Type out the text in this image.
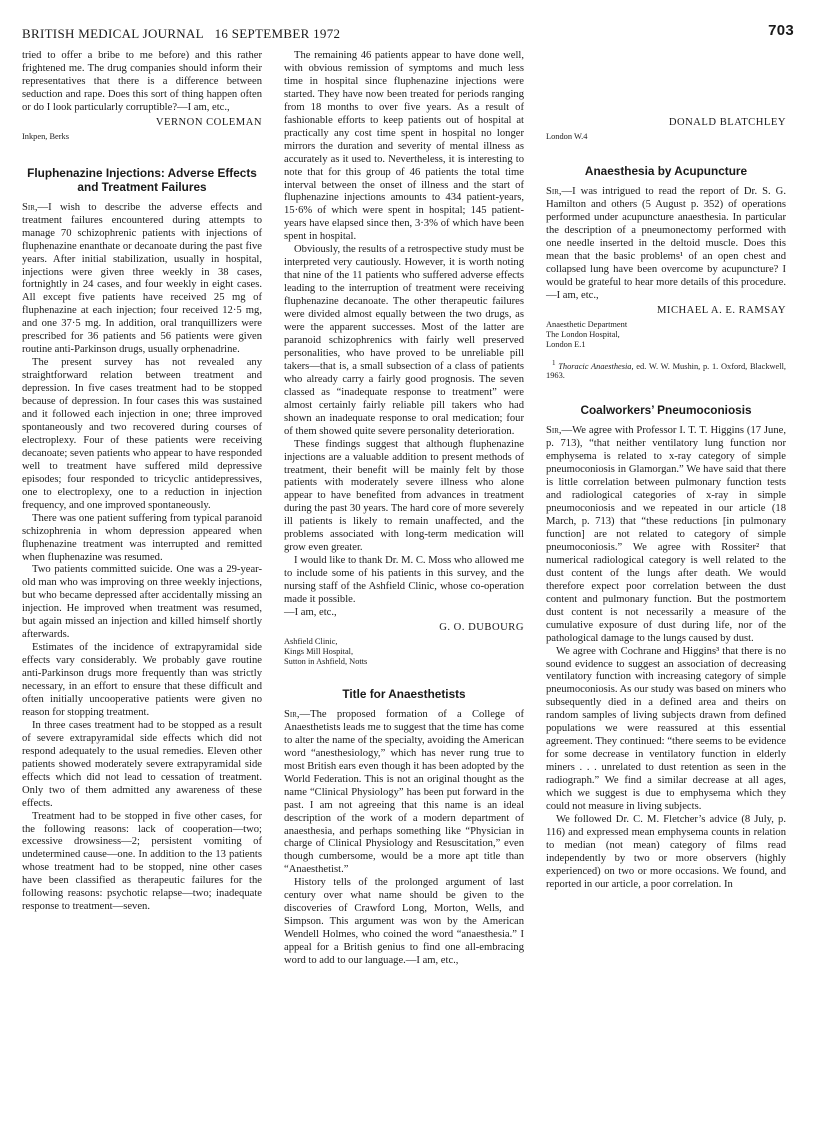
BRITISH MEDICAL JOURNAL 16 SEPTEMBER 1972	703

tried to offer a bribe to me before) and this rather frightened me. The drug companies should inform their representatives that there is a difference between seduction and rape. Does this sort of thing happen often or do I look particularly corruptible?—I am, etc.,

VERNON COLEMAN
Inkpen, Berks
Fluphenazine Injections: Adverse Effects
and Treatment Failures

Sir,—I wish to describe the adverse effects and treatment failures encountered during attempts to manage 70 schizophrenic patients with injections of fluphenazine enanthate or decanoate during the past five years. After initial stabilization, usually in hospital, injections were given three weekly in 38 cases, fortnightly in 24 cases, and four weekly in eight cases. All except five patients have received 25 mg of fluphenazine at each injection; four received 12·5 mg, and one 37·5 mg. In addition, oral tranquillizers were prescribed for 36 patients and 56 patients were given routine anti-Parkinson drugs, usually orphenadrine.

The present survey has not revealed any straightforward relation between treatment and depression. In five cases treatment had to be stopped because of depression. In four cases this was sustained and it followed each injection in one; three improved spontaneously and two recovered during courses of electroplexy. Four of these patients were receiving decanoate; seven patients who appear to have responded well to treatment have suffered mild depressive episodes; four responded to tricyclic antidepressives, one to electroplexy, one to a reduction in injection frequency, and one improved spontaneously.

There was one patient suffering from typical paranoid schizophrenia in whom depression appeared when fluphenazine treatment was interrupted and remitted when fluphenazine was resumed.

Two patients committed suicide. One was a 29-year-old man who was improving on three weekly injections, but who became depressed after accidentally missing an injection. He improved when treatment was resumed, but again missed an injection and killed himself shortly afterwards.

Estimates of the incidence of extrapyramidal side effects vary considerably. We probably gave routine anti-Parkinson drugs more frequently than was strictly necessary, in an effort to ensure that these difficult and often initially uncooperative patients were given no reason for stopping treatment.

In three cases treatment had to be stopped as a result of severe extrapyramidal side effects which did not respond adequately to the usual remedies. Eleven other patients showed moderately severe extrapyramidal side effects which did not lead to cessation of treatment. Only two of them admitted any awareness of these effects.

Treatment had to be stopped in five other cases, for the following reasons: lack of cooperation—two; excessive drowsiness—2; persistent vomiting of undetermined cause—one. In addition to the 13 patients whose treatment had to be stopped, nine other cases have been classified as therapeutic failures for the following reasons: psychotic relapse—two; inadequate response to treatment—seven.

The remaining 46 patients appear to have done well, with obvious remission of symptoms and much less time in hospital since fluphenazine injections were started. They have now been treated for periods ranging from 18 months to over five years. As a result of fashionable efforts to keep patients out of hospital at practically any cost time spent in hospital no longer mirrors the duration and severity of mental illness as accurately as it used to. Nevertheless, it is interesting to note that for this group of 46 patients the total time interval between the onset of illness and the start of fluphenazine injections amounts to 434 patient-years, 15·6% of which were spent in hospital; 145 patient-years have elapsed since then, 3·3% of which have been spent in hospital.

Obviously, the results of a retrospective study must be interpreted very cautiously. However, it is worth noting that nine of the 11 patients who suffered adverse effects leading to the interruption of treatment were receiving fluphenazine decanoate. The other therapeutic failures were divided almost equally between the two drugs, as were the apparent successes. Most of the latter are paranoid schizophrenics with fairly well preserved personalities, who have proved to be unreliable pill takers—that is, a small subsection of a class of patients who already carry a fairly good prognosis. The seven classed as “inadequate response to treatment” were almost certainly fairly reliable pill takers who had shown an inadequate response to oral medication; four of them showed quite severe personality deterioration.

These findings suggest that although fluphenazine injections are a valuable addition to present methods of treatment, their benefit will be mainly felt by those patients with moderately severe illness who alone appear to have benefited from advances in treatment during the past 30 years. The hard core of more severely ill patients is likely to remain unaffected, and the problems associated with long-term medication will grow even greater.

I would like to thank Dr. M. C. Moss who allowed me to include some of his patients in this survey, and the nursing staff of the Ashfield Clinic, whose co-operation made it possible.

—I am, etc.,

G. O. DUBOURG
Ashfield Clinic,
Kings Mill Hospital,
Sutton in Ashfield, Notts
Title for Anaesthetists

Sir,—The proposed formation of a College of Anaesthetists leads me to suggest that the time has come to alter the name of the specialty, avoiding the American word “anesthesiology,” which has never rung true to most British ears even though it has been adopted by the World Federation. This is not an original thought as the name “Clinical Physiology” has been put forward in the past. I am not agreeing that this name is an ideal description of the work of a modern department of anaesthesia, and perhaps something like “Physician in charge of Clinical Physiology and Resuscitation,” even though cumbersome, would be a more apt title than “Anaesthetist.”

History tells of the prolonged argument of last century over what name should be given to the discoveries of Crawford Long, Morton, Wells, and Simpson. This argument was won by the American Wendell Holmes, who coined the word “anaesthesia.” I appeal for a British genius to find one all-embracing word to add to our language.—I am, etc.,

DONALD BLATCHLEY
London W.4
Anaesthesia by Acupuncture

Sir,—I was intrigued to read the report of Dr. S. G. Hamilton and others (5 August p. 352) of operations performed under acupuncture anaesthesia. In particular the description of a pneumonectomy performed with one needle inserted in the deltoid muscle. Does this mean that the basic problems¹ of an open chest and collapsed lung have been overcome by acupuncture? I would be grateful to hear more details of this procedure.—I am, etc.,

MICHAEL A. E. RAMSAY
Anaesthetic Department
The London Hospital,
London E.1

$^1$ Thoracic Anaesthesia, ed. W. W. Mushin, p. 1. Oxford, Blackwell, 1963.

Coalworkers’ Pneumoconiosis

Sir,—We agree with Professor I. T. T. Higgins (17 June, p. 713), “that neither ventilatory lung function nor emphysema is related to x-ray category of simple pneumoconiosis in Glamorgan.” We have said that there is little correlation between pulmonary function tests and radiological categories of x-ray in simple pneumoconiosis and we repeated in our article (18 March, p. 713) that “these reductions [in pulmonary function] are not related to category of simple pneumoconiosis.” We agree with Rossiter² that numerical radiological category is well related to the dust content of the lungs after death. We would therefore expect poor correlation between the dust content and pulmonary function. But the postmortem dust content is not necessarily a measure of the cumulative exposure of dust during life, nor of the pathological damage to the lungs caused by dust.

We agree with Cochrane and Higgins³ that there is no sound evidence to suggest an association of decreasing ventilatory function with increasing category of simple pneumoconiosis. As our study was based on miners who subsequently died in a defined area and theirs on random samples of living subjects drawn from defined populations we were reassured at this essential agreement. They continued: “there seems to be evidence for some decrease in ventilatory function in elderly miners . . . unrelated to dust retention as seen in the radiograph.” We find a similar decrease at all ages, which we suggest is due to emphysema which they could not measure in living subjects.

We followed Dr. C. M. Fletcher’s advice (8 July, p. 116) and expressed mean emphysema counts in relation to median (not mean) category of films read independently by two or more observers (highly experienced) on two or more occasions. We found, and reported in our article, a poor correlation. In
